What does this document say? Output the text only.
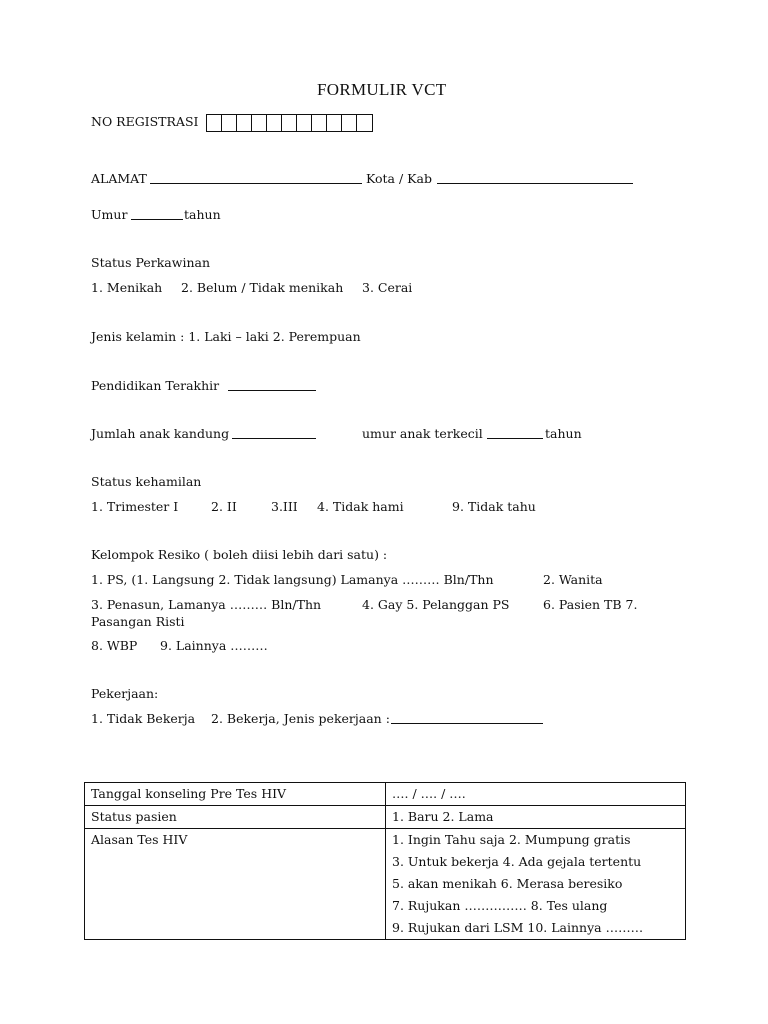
FORMULIR VCT
NO REGISTRASI
ALAMAT	Kota / Kab
Umur	tahun
Status Perkawinan
1. Menikah 2. Belum / Tidak menikah 3. Cerai
Jenis kelamin : 1. Laki – laki 2. Perempuan
Pendidikan Terakhir
Jumlah anak kandung	umur anak terkecil	tahun
Status kehamilan
1. Trimester I	2. II	3.III 4. Tidak hami	9. Tidak tahu
Kelompok Resiko ( boleh diisi lebih dari satu) :
1. PS, (1. Langsung 2. Tidak langsung) Lamanya ……… Bln/Thn	2. Wanita
3. Penasun, Lamanya ……… Bln/Thn	4. Gay 5. Pelanggan PS	6. Pasien TB 7.
Pasangan Risti
8. WBP 9. Lainnya ………
Pekerjaan:
1. Tidak Bekerja 2. Bekerja, Jenis pekerjaan :
Tanggal konseling Pre Tes HIV	…. / …. / ….
Status pasien	1. Baru 2. Lama
Alasan Tes HIV	1. Ingin Tahu saja 2. Mumpung gratis
3. Untuk bekerja 4. Ada gejala tertentu
5. akan menikah 6. Merasa beresiko
7. Rujukan …………… 8. Tes ulang
9. Rujukan dari LSM 10. Lainnya ………
